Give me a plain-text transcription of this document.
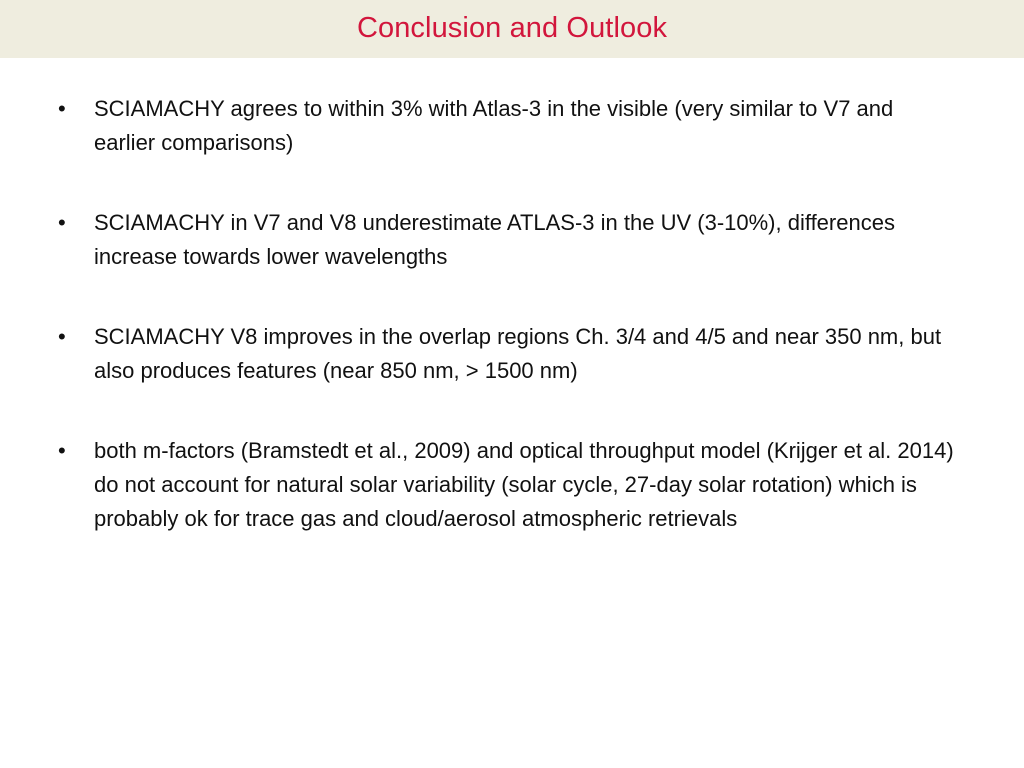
Conclusion and Outlook
•	SCIAMACHY agrees to within 3% with Atlas-3 in the visible (very similar to V7 and earlier comparisons)
•	SCIAMACHY in V7 and V8 underestimate ATLAS-3 in the UV (3-10%), differences increase towards lower wavelengths
•	SCIAMACHY V8 improves in the overlap regions Ch. 3/4 and 4/5 and near 350 nm, but also produces features (near 850 nm, > 1500 nm)
•	both m-factors (Bramstedt et al., 2009) and optical throughput model (Krijger et al. 2014) do not account for natural solar variability (solar cycle, 27-day solar rotation) which is probably ok for trace gas and cloud/aerosol atmospheric retrievals
